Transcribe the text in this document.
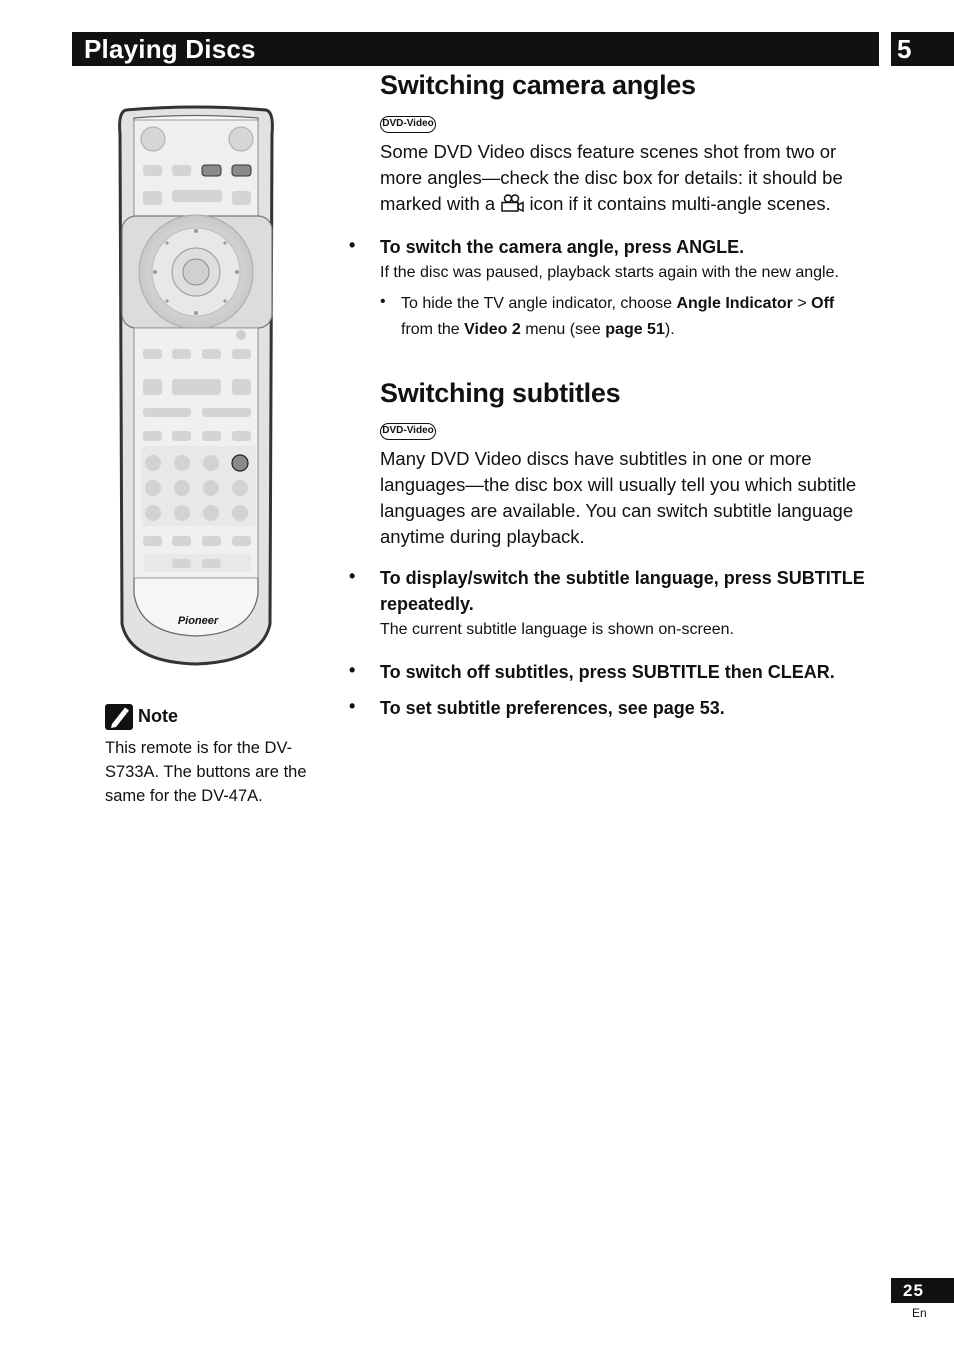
Playing Discs	5
Pioneer
Note
This remote is for the DV-S733A. The buttons are the same for the DV-47A.
Switching camera angles
DVD-Video
Some DVD Video discs feature scenes shot from two or more angles—check the disc box for details: it should be marked with a icon if it contains multi-angle scenes.
• To switch the camera angle, press ANGLE.
If the disc was paused, playback starts again with the new angle.
• To hide the TV angle indicator, choose Angle Indicator > Off
from the Video 2 menu (see page 51).
Switching subtitles
DVD-Video
Many DVD Video discs have subtitles in one or more languages—the disc box will usually tell you which subtitle languages are available. You can switch subtitle language anytime during playback.
• To display/switch the subtitle language, press SUBTITLE repeatedly.
The current subtitle language is shown on-screen.
• To switch off subtitles, press SUBTITLE then CLEAR.
• To set subtitle preferences, see page 53.
25
En
